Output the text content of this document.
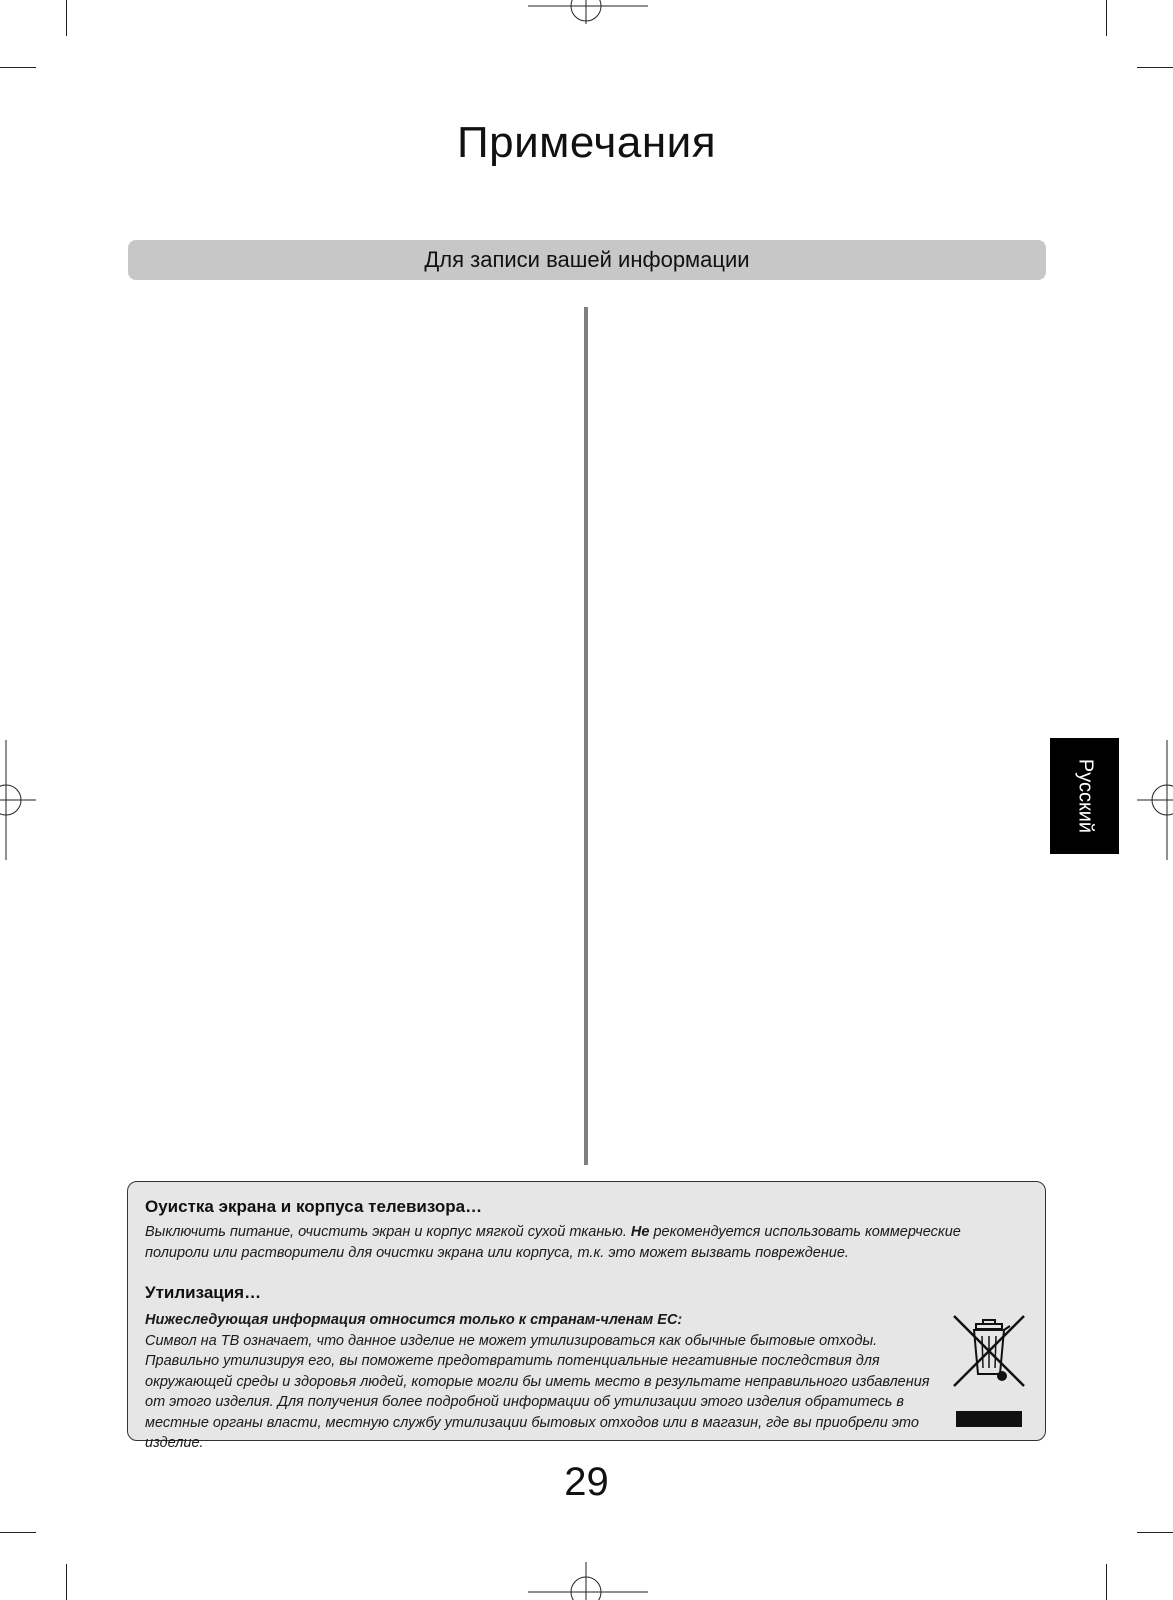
Примечания
Для записи вашей информации
Русский
Оуистка экрана и корпуса телевизора…
Выключить питание, очистить экран и корпус мягкой сухой тканью. Не рекомендуется использовать коммерческие полироли или растворители для очистки экрана или корпуса, т.к. это может вызвать повреждение.
Утилизация…
Нижеследующая информация относится только к странам-членам ЕС:
Символ на ТВ означает, что данное изделие не может утилизироваться как обычные бытовые отходы. Правильно утилизируя его, вы поможете предотвратить потенциальные негативные последствия для окружающей среды и здоровья людей, которые могли бы иметь место в результате неправильного избавления от этого изделия. Для получения более подробной информации об утилизации этого изделия обратитесь в местные органы власти, местную службу утилизации бытовых отходов или в магазин, где вы приобрели это изделие.
29
